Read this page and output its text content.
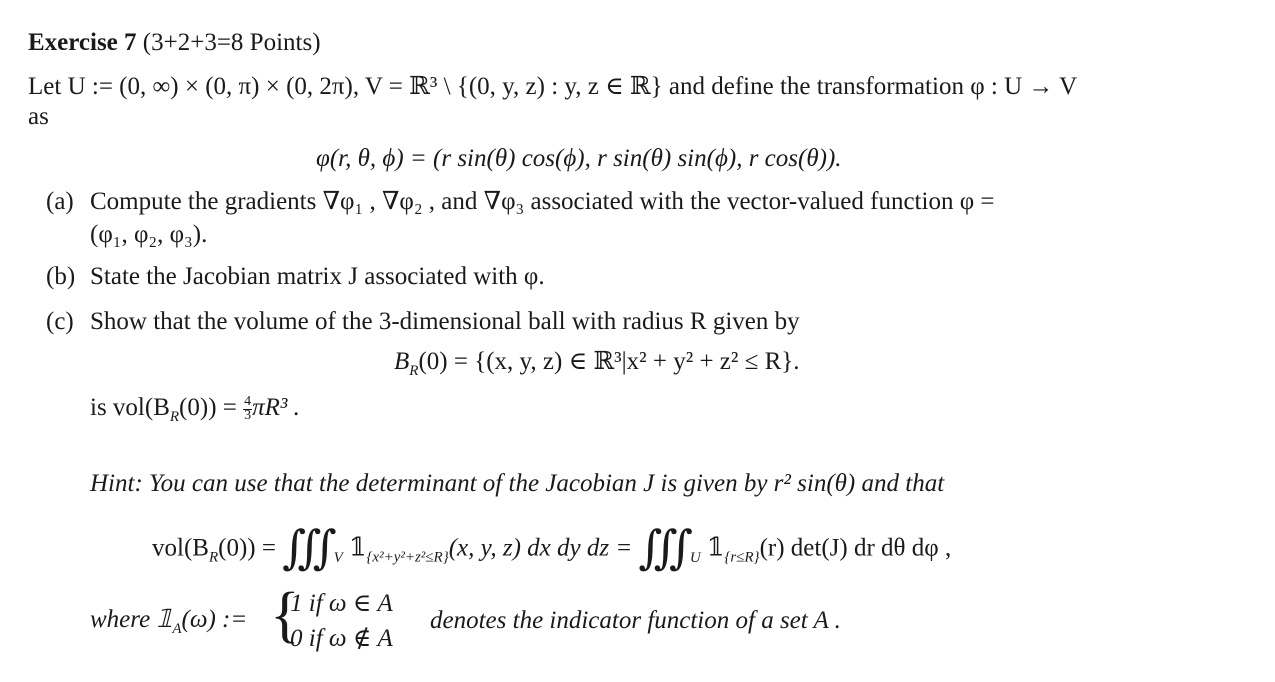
Exercise 7 (3+2+3=8 Points)
Let U := (0, ∞) × (0, π) × (0, 2π), V = ℝ³ \ {(0, y, z) : y, z ∈ ℝ} and define the transformation φ : U → V
as
φ(r, θ, ϕ) = (r sin(θ) cos(ϕ), r sin(θ) sin(ϕ), r cos(θ)).
(a) Compute the gradients ∇φ₁ , ∇φ₂ , and ∇φ₃ associated with the vector-valued function φ =
(φ₁, φ₂, φ₃).
(b) State the Jacobian matrix J associated with φ.
(c) Show that the volume of the 3-dimensional ball with radius R given by
$B_R(0) = \{(x$, y, z) ∈ ℝ³|x² + y² + z² ≤ R}.
is $vol(B_R(0)) = \frac{4}{3} \pi R^3$ .
Hint: You can use that the determinant of the Jacobian J is given by r² sin(θ) and that
$vol(B_R(0))$ = ∭ $_V$ $𝟙_{\{x^2+y^2+z^2\le R\}}(x$, y, z) dx dy dz = ∭ $_U$ $𝟙_{\{r\le R\}}(r)$ det(J) dr dθ dφ ,
where $𝟙_A(\omega)$ := {
1 if ω ∈ A
0 if ω ∉ A
denotes the indicator function of a set A .
